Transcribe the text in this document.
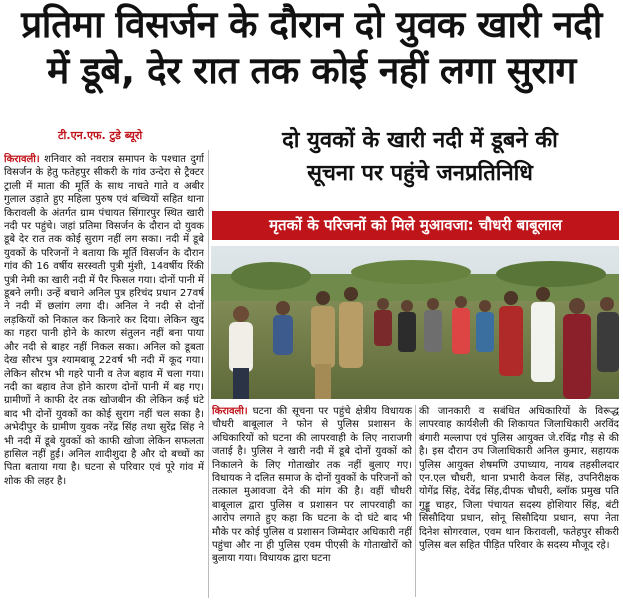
प्रतिमा विसर्जन के दौरान दो युवक खारी नदी
में डूबे, देर रात तक कोई नहीं लगा सुराग
टी.एन.एफ. टुडे ब्यूरो	दो युवकों के खारी नदी में डूबने की
सूचना पर पहुंचे जनप्रतिनिधि
मृतकों के परिजनों को मिले मुआवजा: चौधरी बाबूलाल
किरावली। शनिवार को नवरात्र समापन के पश्चात दुर्गा विसर्जन के हेतु फतेहपुर सीकरी के गांव उन्देरा से ट्रैक्टर ट्राली में माता की मूर्ति के साथ नाचते गाते व अबीर गुलाल उड़ाते हुए महिला पुरुष एवं बच्चियों सहित थाना किरावली के अंतर्गत ग्राम पंचायत सिंगारपुर स्थित खारी नदी पर पहुंचे। जहां प्रतिमा विसर्जन के दौरान दो युवक डूबे देर रात तक कोई सुराग नहीं लग सका। नदी में डूबे युवकों के परिजनों ने बताया कि मूर्ति विसर्जन के दौरान गांव की 16 वर्षीय सरस्वती पुत्री मुंशी, 14वर्षीय रिंकी पुत्री नेमी का खारी नदी में पैर फिसल गया। दोनों पानी में डूबने लगी। उन्हें बचाने अनिल पुत्र हरिचंद प्रधान 27वर्ष ने नदी में छलांग लगा दी। अनिल ने नदी से दोनों लड़कियों को निकाल कर किनारे कर दिया। लेकिन खुद का गहरा पानी होने के कारण संतुलन नहीं बना पाया और नदी से बाहर नहीं निकल सका। अनिल को डूबता देख सौरभ पुत्र श्यामबाबू 22वर्ष भी नदी में कूद गया। लेकिन सौरभ भी गहरे पानी व तेज बहाव में चला गया। नदी का बहाव तेज होने कारण दोनों पानी में बह गए। ग्रामीणों ने काफी देर तक खोजबीन की लेकिन कई घंटे बाद भी दोनों युवकों का कोई सुराग नहीं चल सका है। अभेदीपुर के ग्रामीण युवक नरेंद्र सिंह तथा सुरेंद्र सिंह ने भी नदी में डूबे युवकों को काफी खोजा लेकिन सफलता हासिल नहीं हुई। अनिल शादीशुदा है और दो बच्चों का पिता बताया गया है। घटना से परिवार एवं पूरे गांव में शोक की लहर है।
किरावली। घटना की सूचना पर पहुंचे क्षेत्रीय विधायक चौधरी बाबूलाल ने फोन से पुलिस प्रशासन के अधिकारियों को घटना की लापरवाही के लिए नाराजगी जताई है। पुलिस ने खारी नदी में डूबे दोनों युवकों को निकालने के लिए गोताखोर तक नहीं बुलाए गए। विधायक ने दलित समाज के दोनों युवकों के परिजनों को तत्काल मुआवजा देने की मांग की है। वहीं चौधरी बाबूलाल द्वारा पुलिस व प्रशासन पर लापरवाही का आरोप लगाते हुए कहा कि घटना के दो घंटे बाद भी मौके पर कोई पुलिस व प्रशासन जिम्मेदार अधिकारी नहीं पहुंचा और ना ही पुलिस एवम पीएसी के गोताखोरों को बुलाया गया। विधायक द्वारा घटना
की जानकारी व सबंधित अधिकारियों के विरूद्ध लापरवाह कार्यशैली की शिकायत जिलाधिकारी अरविंद बंगारी मल्लापा एवं पुलिस आयुक्त जे.रविंद्र गौड़ से की है। इस दौरान उप जिलाधिकारी अनिल कुमार, सहायक पुलिस आयुक्त शेषमणि उपाध्याय, नायब तहसीलदार एन.एल चौधरी, थाना प्रभारी केवल सिंह, उपनिरीक्षक योगेंद्र सिंह, देवेंद्र सिंह,दीपक चौधरी, ब्लॉक प्रमुख पति गुड्डू चाहर, जिला पंचायत सदस्य होशियार सिंह, बंटी सिसौदिया प्रधान, सोनू सिसौदिया प्रधान, सपा नेता दिनेश सोगरवाल, एवम थान किरावली, फतेहपुर सीकरी पुलिस बल सहित पीड़ित परिवार के सदस्य मौजूद रहे।
